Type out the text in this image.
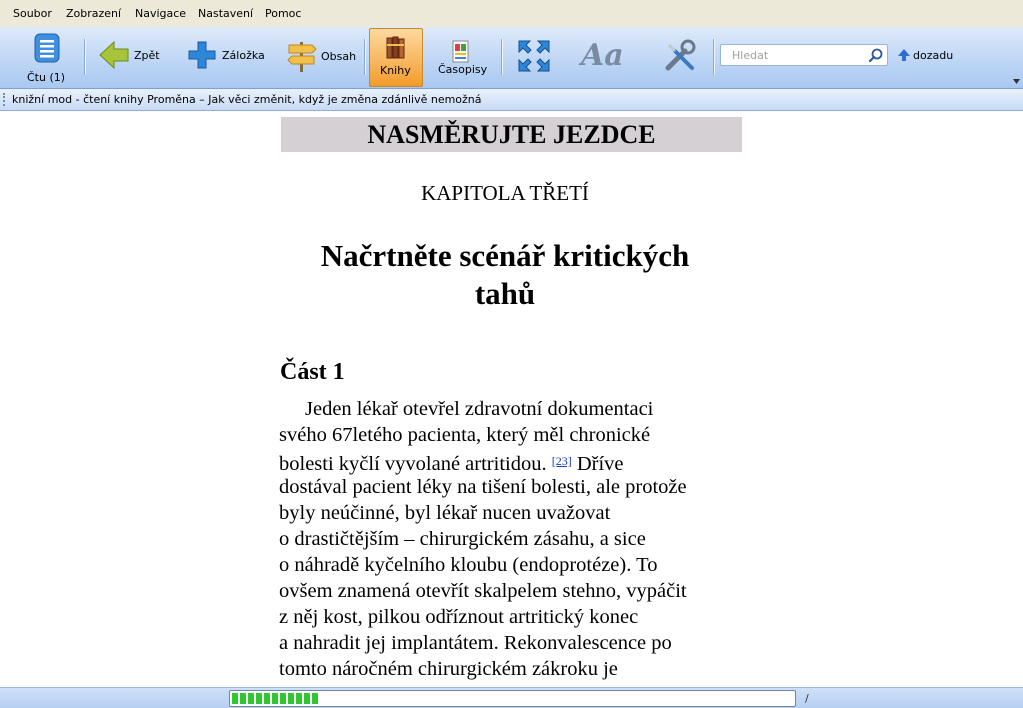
Soubor Zobrazení Navigace Nastavení Pomoc
Čtu (1)
Zpět	Záložka	Obsah
Knihy Časopisy	Aa	Hledat	dozadu
knižní mod - čtení knihy Proměna – Jak věci změnit, když je změna zdánlivě nemožná
NASMĚRUJTE JEZDCE
KAPITOLA TŘETÍ
Načrtněte scénář kritických
tahů
Část 1
Jeden lékař otevřel zdravotní dokumentaci
svého 67letého pacienta, který měl chronické
bolesti kyčlí vyvolané artritidou. [23] Dříve
dostával pacient léky na tišení bolesti, ale protože
byly neúčinné, byl lékař nucen uvažovat
o drastičtějším – chirurgickém zásahu, a sice
o náhradě kyčelního kloubu (endoprotéze). To
ovšem znamená otevřít skalpelem stehno, vypáčit
z něj kost, pilkou odříznout artritický konec
a nahradit jej implantátem. Rekonvalescence po
tomto náročném chirurgickém zákroku je
/
